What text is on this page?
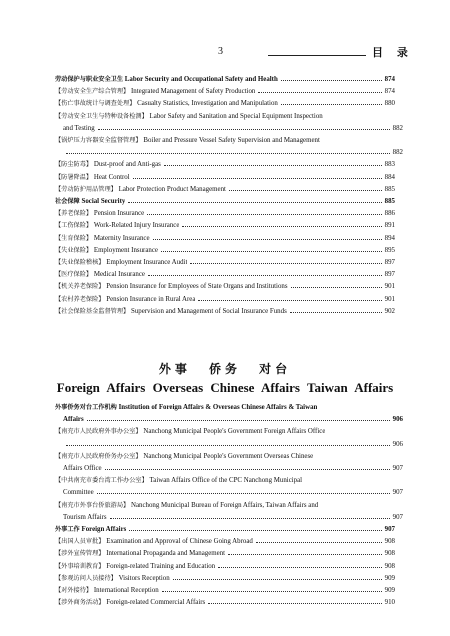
3	目 录
劳动保护与职业安全卫生 Labor Security and Occupational Safety and Health	874
【劳动安全生产综合管理】 Integrated Management of Safety Production	874
【伤亡事故统计与调查处理】 Casualty Statistics, Investigation and Manipulation	880
【劳动安全卫生与特种设备检测】 Labor Safety and Sanitation and Special Equipment Inspection
and Testing	882
【锅炉压力容器安全监督管理】 Boiler and Pressure Vessel Safety Supervision and Management
882
【防尘防毒】 Dust-proof and Anti-gas	883
【防暑降温】 Heat Control	884
【劳动防护用品管理】 Labor Protection Product Management	885
社会保障 Social Security	885
【养老保险】 Pension Insurance	886
【工伤保险】 Work-Related Injury Insurance	891
【生育保险】 Maternity Insurance	894
【失业保险】 Employment Insurance	895
【失业保险稽核】 Employment Insurance Audit	897
【医疗保险】 Medical Insurance	897
【机关养老保险】 Pension Insurance for Employees of State Organs and Institutions	901
【农村养老保险】 Pension Insurance in Rural Area	901
【社会保险基金监督管理】 Supervision and Management of Social Insurance Funds	902
外事 侨务 对台
Foreign Affairs Overseas Chinese Affairs Taiwan Affairs
外事侨务对台工作机构 Institution of Foreign Affairs & Overseas Chinese Affairs & Taiwan
Affairs	906
【南充市人民政府外事办公室】 Nanchong Municipal People's Government Foreign Affairs Office
906
【南充市人民政府侨务办公室】 Nanchong Municipal People's Government Overseas Chinese
Affairs Office	907
【中共南充市委台湾工作办公室】 Taiwan Affairs Office of the CPC Nanchong Municipal
Committee	907
【南充市外事台侨旅游局】 Nanchong Municipal Bureau of Foreign Affairs, Taiwan Affairs and
Tourism Affairs	907
外事工作 Foreign Affairs	907
【出国人员审批】 Examination and Approval of Chinese Going Abroad	908
【涉外宣传管理】 International Propaganda and Management	908
【外事培训教育】 Foreign-related Training and Education	908
【参观访问人员接待】 Visitors Reception	909
【对外接待】 International Reception	909
【涉外商务活动】 Foreign-related Commercial Affairs	910
